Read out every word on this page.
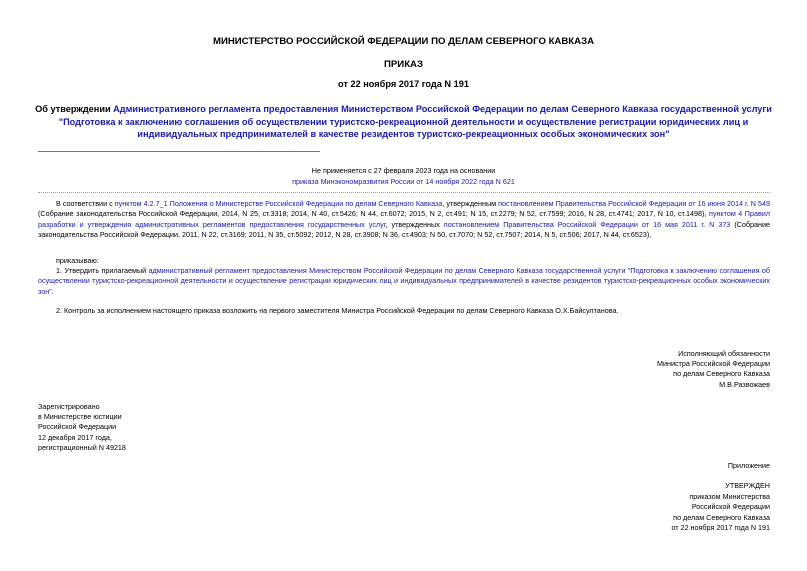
МИНИСТЕРСТВО РОССИЙСКОЙ ФЕДЕРАЦИИ ПО ДЕЛАМ СЕВЕРНОГО КАВКАЗА
ПРИКАЗ
от 22 ноября 2017 года N 191
Об утверждении Административного регламента предоставления Министерством Российской Федерации по делам Северного Кавказа государственной услуги "Подготовка к заключению соглашения об осуществлении туристско-рекреационной деятельности и осуществление регистрации юридических лиц и индивидуальных предпринимателей в качестве резидентов туристско-рекреационных особых экономических зон"
Не применяется с 27 февраля 2023 года на основании
приказа Минэкономразвития России от 14 ноября 2022 года N 621
В соответствии с пунктом 4.2.7_1 Положения о Министерстве Российской Федерации по делам Северного Кавказа, утвержденным постановлением Правительства Российской Федерации от 16 июня 2014 г. N 549 (Собрание законодательства Российской Федерации, 2014, N 25, ст.3318; 2014, N 40, ст.5426; N 44, ст.6072; 2015, N 2, ст.491; N 15, ст.2279; N 52, ст.7599; 2016, N 28, ст.4741; 2017, N 10, ст.1498), пунктом 4 Правил разработки и утверждения административных регламентов предоставления государственных услуг, утвержденных постановлением Правительства Российской Федерации от 16 мая 2011 г. N 373 (Собрание законодательства Российской Федерации, 2011, N 22, ст.3169; 2011, N 35, ст.5092; 2012, N 28, ст.3908; N 36, ст.4903; N 50, ст.7070; N 52, ст.7507; 2014, N 5, ст.506; 2017, N 44, ст.6523),
приказываю:
1. Утвердить прилагаемый административный регламент предоставления Министерством Российской Федерации по делам Северного Кавказа государственной услуги "Подготовка к заключению соглашения об осуществлении туристско-рекреационной деятельности и осуществление регистрации юридических лиц и индивидуальных предпринимателей в качестве резидентов туристско-рекреационных особых экономических зон".
2. Контроль за исполнением настоящего приказа возложить на первого заместителя Министра Российской Федерации по делам Северного Кавказа О.Х.Байсултанова.
Исполняющий обязанности
Министра Российской Федерации
по делам Северного Кавказа
М.В.Развожаев
Зарегистрировано
в Министерстве юстиции
Российской Федерации
12 декабря 2017 года,
регистрационный N 49218
Приложение
УТВЕРЖДЕН
приказом Министерства
Российской Федерации
по делам Северного Кавказа
от 22 ноября 2017 года N 191
